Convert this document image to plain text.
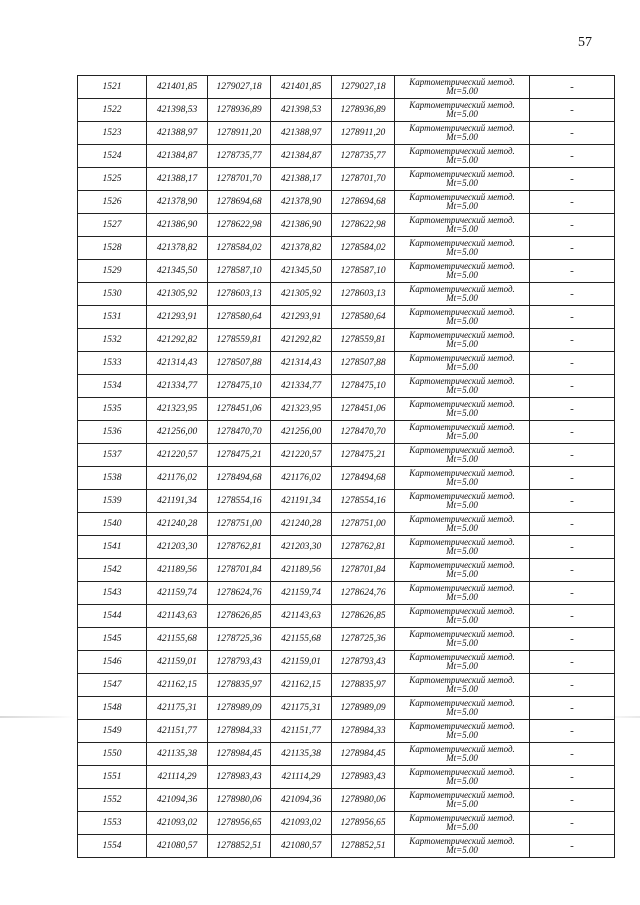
57
1521	421401,85	1279027,18	421401,85	1279027,18	Картометрический метод.
Mt=5.00	-
1522	421398,53	1278936,89	421398,53	1278936,89	Картометрический метод.
Mt=5.00	-
1523	421388,97	1278911,20	421388,97	1278911,20	Картометрический метод.
Mt=5.00	-
1524	421384,87	1278735,77	421384,87	1278735,77	Картометрический метод.
Mt=5.00	-
1525	421388,17	1278701,70	421388,17	1278701,70	Картометрический метод.
Mt=5.00	-
1526	421378,90	1278694,68	421378,90	1278694,68	Картометрический метод.
Mt=5.00	-
1527	421386,90	1278622,98	421386,90	1278622,98	Картометрический метод.
Mt=5.00	-
1528	421378,82	1278584,02	421378,82	1278584,02	Картометрический метод.
Mt=5.00	-
1529	421345,50	1278587,10	421345,50	1278587,10	Картометрический метод.
Mt=5.00	-
1530	421305,92	1278603,13	421305,92	1278603,13	Картометрический метод.
Mt=5.00	-
1531	421293,91	1278580,64	421293,91	1278580,64	Картометрический метод.
Mt=5.00	-
1532	421292,82	1278559,81	421292,82	1278559,81	Картометрический метод.
Mt=5.00	-
1533	421314,43	1278507,88	421314,43	1278507,88	Картометрический метод.
Mt=5.00	-
1534	421334,77	1278475,10	421334,77	1278475,10	Картометрический метод.
Mt=5.00	-
1535	421323,95	1278451,06	421323,95	1278451,06	Картометрический метод.
Mt=5.00	-
1536	421256,00	1278470,70	421256,00	1278470,70	Картометрический метод.
Mt=5.00	-
1537	421220,57	1278475,21	421220,57	1278475,21	Картометрический метод.
Mt=5.00	-
1538	421176,02	1278494,68	421176,02	1278494,68	Картометрический метод.
Mt=5.00	-
1539	421191,34	1278554,16	421191,34	1278554,16	Картометрический метод.
Mt=5.00	-
1540	421240,28	1278751,00	421240,28	1278751,00	Картометрический метод.
Mt=5.00	-
1541	421203,30	1278762,81	421203,30	1278762,81	Картометрический метод.
Mt=5.00	-
1542	421189,56	1278701,84	421189,56	1278701,84	Картометрический метод.
Mt=5.00	-
1543	421159,74	1278624,76	421159,74	1278624,76	Картометрический метод.
Mt=5.00	-
1544	421143,63	1278626,85	421143,63	1278626,85	Картометрический метод.
Mt=5.00	-
1545	421155,68	1278725,36	421155,68	1278725,36	Картометрический метод.
Mt=5.00	-
1546	421159,01	1278793,43	421159,01	1278793,43	Картометрический метод.
Mt=5.00	-
1547	421162,15	1278835,97	421162,15	1278835,97	Картометрический метод.
Mt=5.00	-
1548	421175,31	1278989,09	421175,31	1278989,09	Картометрический метод.
Mt=5.00	-
1549	421151,77	1278984,33	421151,77	1278984,33	Картометрический метод.
Mt=5.00	-
1550	421135,38	1278984,45	421135,38	1278984,45	Картометрический метод.
Mt=5.00	-
1551	421114,29	1278983,43	421114,29	1278983,43	Картометрический метод.
Mt=5.00	-
1552	421094,36	1278980,06	421094,36	1278980,06	Картометрический метод.
Mt=5.00	-
1553	421093,02	1278956,65	421093,02	1278956,65	Картометрический метод.
Mt=5.00	-
1554	421080,57	1278852,51	421080,57	1278852,51	Картометрический метод.
Mt=5.00	-
